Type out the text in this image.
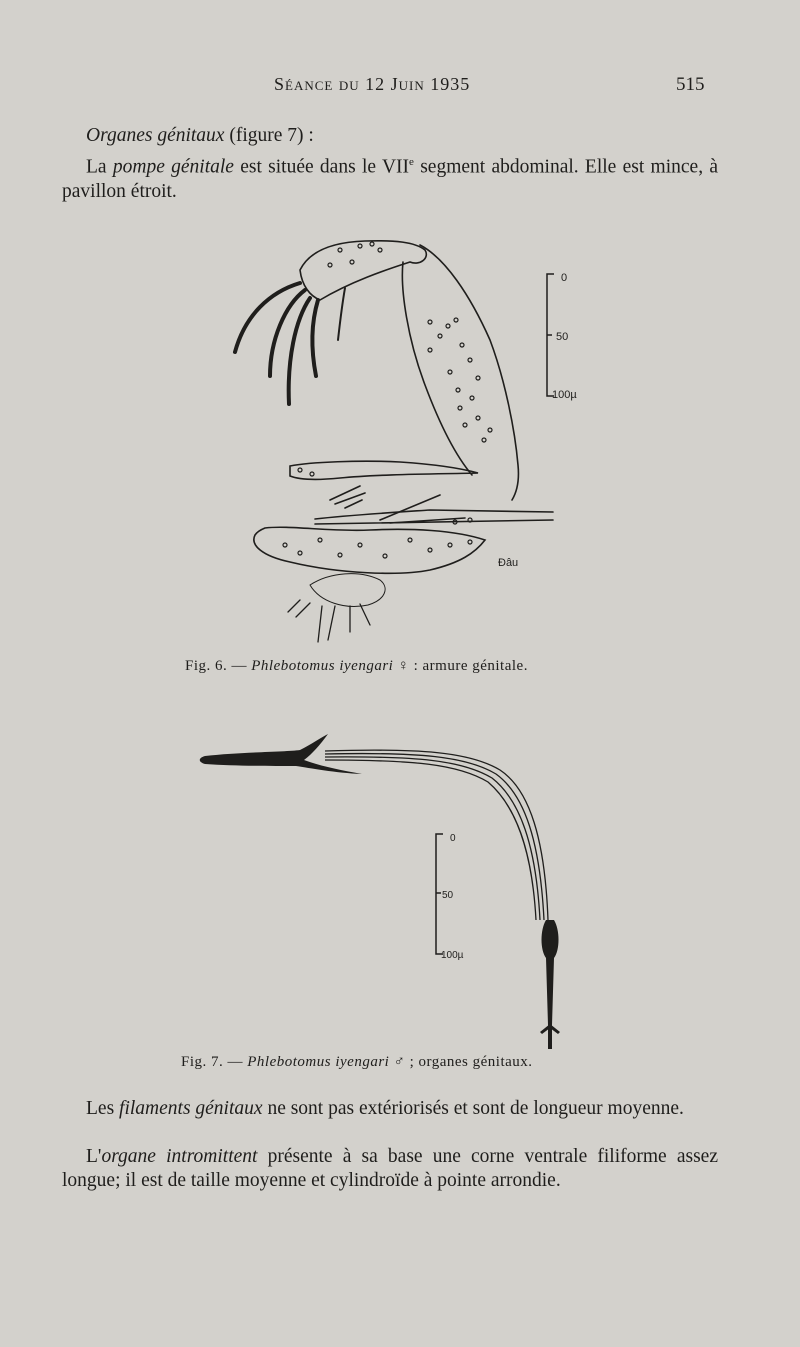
Séance du 12 Juin 1935	515
Organes génitaux (figure 7) :
La pompe génitale est située dans le VIIe segment abdominal. Elle est mince, à pavillon étroit.
0
50
100µ
Đâu
Fig. 6. — Phlebotomus iyengari ♀ : armure génitale.
0
50
100µ
Fig. 7. — Phlebotomus iyengari ♂ ; organes génitaux.
Les filaments génitaux ne sont pas extériorisés et sont de longueur moyenne.
L'organe intromittent présente à sa base une corne ventrale filiforme assez longue; il est de taille moyenne et cylindroïde à pointe arrondie.
